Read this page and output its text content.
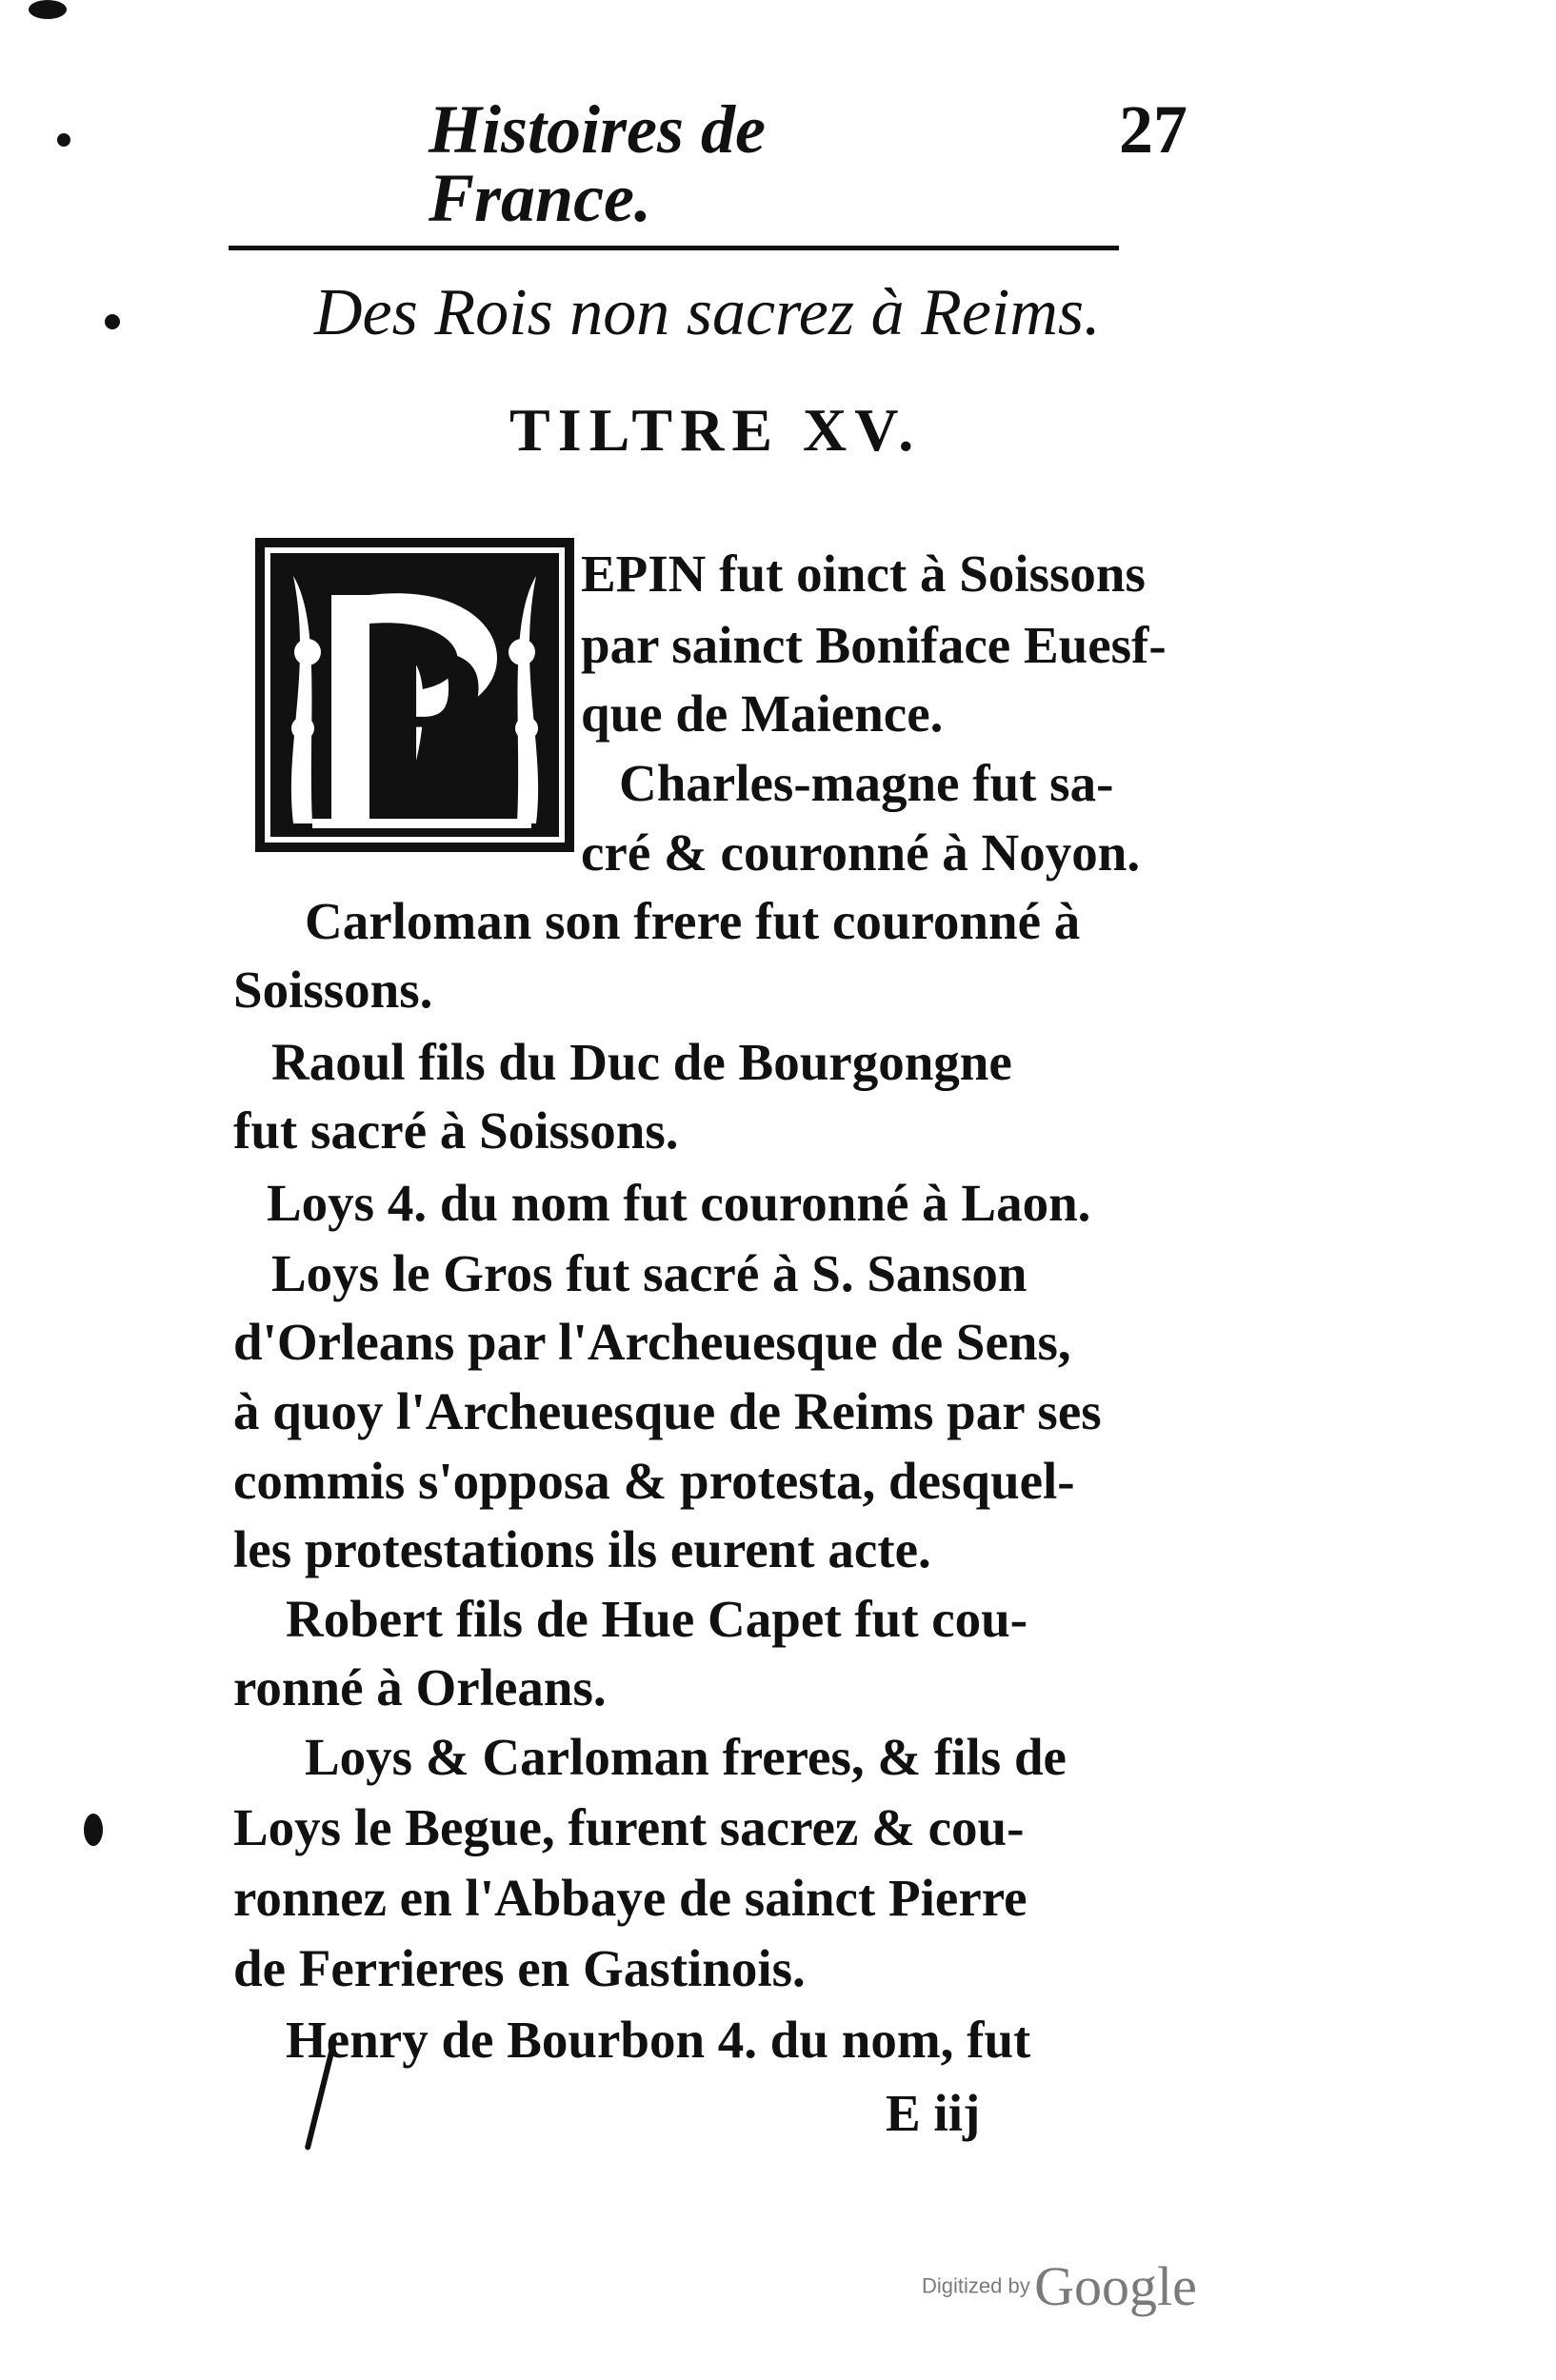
Histoires de France.
27
Des Rois non sacrez à Reims.
TILTRE XV.
P
EPIN fut oinct à Soissons
par sainct Boniface Euesf-
que de Maience.
Charles-magne fut sa-
cré & couronné à Noyon.
Carloman son frere fut couronné à
Soissons.
Raoul fils du Duc de Bourgongne
fut sacré à Soissons.
Loys 4. du nom fut couronné à Laon.
Loys le Gros fut sacré à S. Sanson
d'Orleans par l'Archeuesque de Sens,
à quoy l'Archeuesque de Reims par ses
commis s'opposa & protesta, desquel-
les protestations ils eurent acte.
Robert fils de Hue Capet fut cou-
ronné à Orleans.
Loys & Carloman freres, & fils de
Loys le Begue, furent sacrez & cou-
ronnez en l'Abbaye de sainct Pierre
de Ferrieres en Gastinois.
Henry de Bourbon 4. du nom, fut
E iij
Digitized by Google
